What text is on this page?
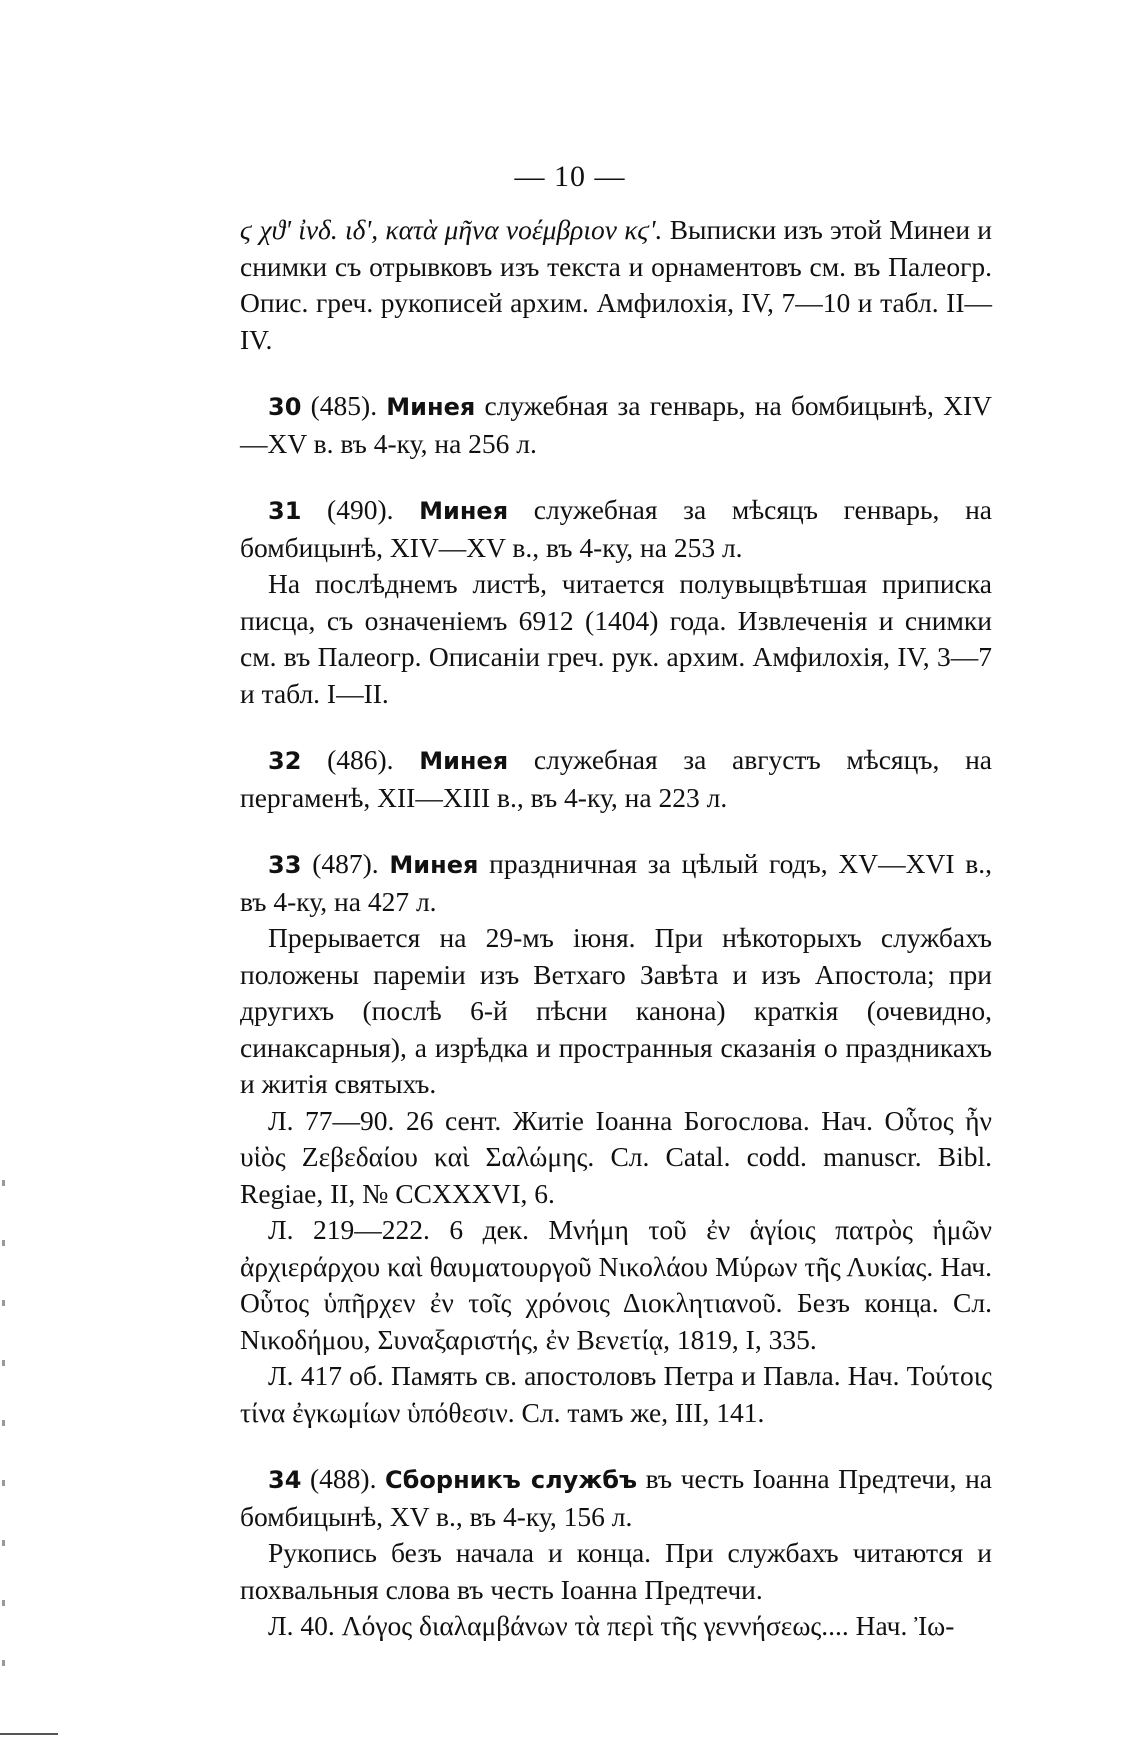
— 10 —

ϛ χϑ' ἰνδ. ιδ', κατὰ μῆνα νοέμβριον κϛ'. Выписки изъ этой Минеи и снимки съ отрывковъ изъ текста и орнаментовъ см. въ Палеогр. Опис. греч. рукописей архим. Амфилохія, IV, 7—10 и табл. II—IV.

30 (485). Минея служебная за генварь, на бомбицынѣ, XIV—XV в. въ 4-ку, на 256 л.

31 (490). Минея служебная за мѣсяцъ генварь, на бомбицынѣ, XIV—XV в., въ 4-ку, на 253 л.

На послѣднемъ листѣ, читается полувыцвѣтшая приписка писца, съ означеніемъ 6912 (1404) года. Извлеченія и снимки см. въ Палеогр. Описаніи греч. рук. архим. Амфилохія, IV, 3—7 и табл. I—II.

32 (486). Минея служебная за августъ мѣсяцъ, на пергаменѣ, XII—XIII в., въ 4-ку, на 223 л.

33 (487). Минея праздничная за цѣлый годъ, XV—XVI в., въ 4-ку, на 427 л.

Прерывается на 29-мъ іюня. При нѣкоторыхъ службахъ положены пареміи изъ Ветхаго Завѣта и изъ Апостола; при другихъ (послѣ 6-й пѣсни канона) краткія (очевидно, синаксарныя), а изрѣдка и пространныя сказанія о праздникахъ и житія святыхъ.

Л. 77—90. 26 сент. Житіе Іоанна Богослова. Нач. Οὗτος ἦν υἱὸς Ζεβεδαίου καὶ Σαλώμης. Сл. Catal. codd. manuscr. Bibl. Regiae, II, № CCXXXVI, 6.

Л. 219—222. 6 дек. Μνήμη τοῦ ἐν ἁγίοις πατρὸς ἡμῶν ἀρχιεράρχου καὶ θαυματουργοῦ Νικολάου Μύρων τῆς Λυκίας. Нач. Οὗτος ὑπῆρχεν ἐν τοῖς χρόνοις Διοκλητιανοῦ. Безъ конца. Сл. Νικοδήμου, Συναξαριστής, ἐν Βενετίᾳ, 1819, I, 335.

Л. 417 об. Память св. апостоловъ Петра и Павла. Нач. Τούτοις τίνα ἐγκωμίων ὑπόθεσιν. Сл. тамъ же, III, 141.

34 (488). Сборникъ службъ въ честь Іоанна Предтечи, на бомбицынѣ, XV в., въ 4-ку, 156 л.

Рукопись безъ начала и конца. При службахъ читаются и похвальныя слова въ честь Іоанна Предтечи.

Л. 40. Λόγος διαλαμβάνων τὰ περὶ τῆς γεννήσεως.... Нач. Ἰω-
